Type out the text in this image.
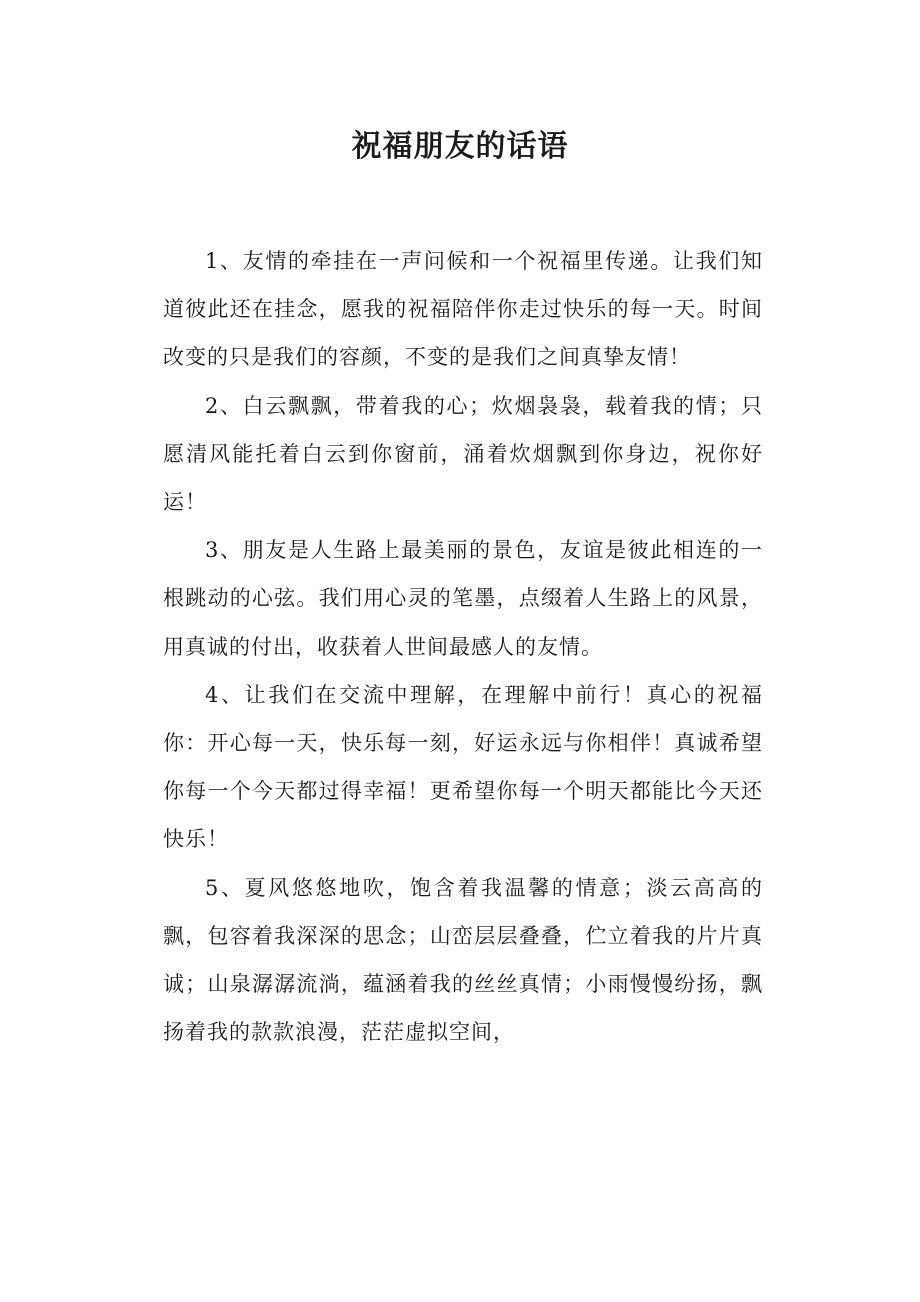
祝福朋友的话语

1、友情的牵挂在一声问候和一个祝福里传递。让我们知道彼此还在挂念，愿我的祝福陪伴你走过快乐的每一天。时间改变的只是我们的容颜，不变的是我们之间真挚友情！

2、白云飘飘，带着我的心；炊烟袅袅，载着我的情；只愿清风能托着白云到你窗前，涌着炊烟飘到你身边，祝你好运！

3、朋友是人生路上最美丽的景色，友谊是彼此相连的一根跳动的心弦。我们用心灵的笔墨，点缀着人生路上的风景，用真诚的付出，收获着人世间最感人的友情。

4、让我们在交流中理解，在理解中前行！真心的祝福你：开心每一天，快乐每一刻，好运永远与你相伴！真诚希望你每一个今天都过得幸福！更希望你每一个明天都能比今天还快乐！

5、夏风悠悠地吹，饱含着我温馨的情意；淡云高高的飘，包容着我深深的思念；山峦层层叠叠，伫立着我的片片真诚；山泉潺潺流淌，蕴涵着我的丝丝真情；小雨慢慢纷扬，飘扬着我的款款浪漫，茫茫虚拟空间，
